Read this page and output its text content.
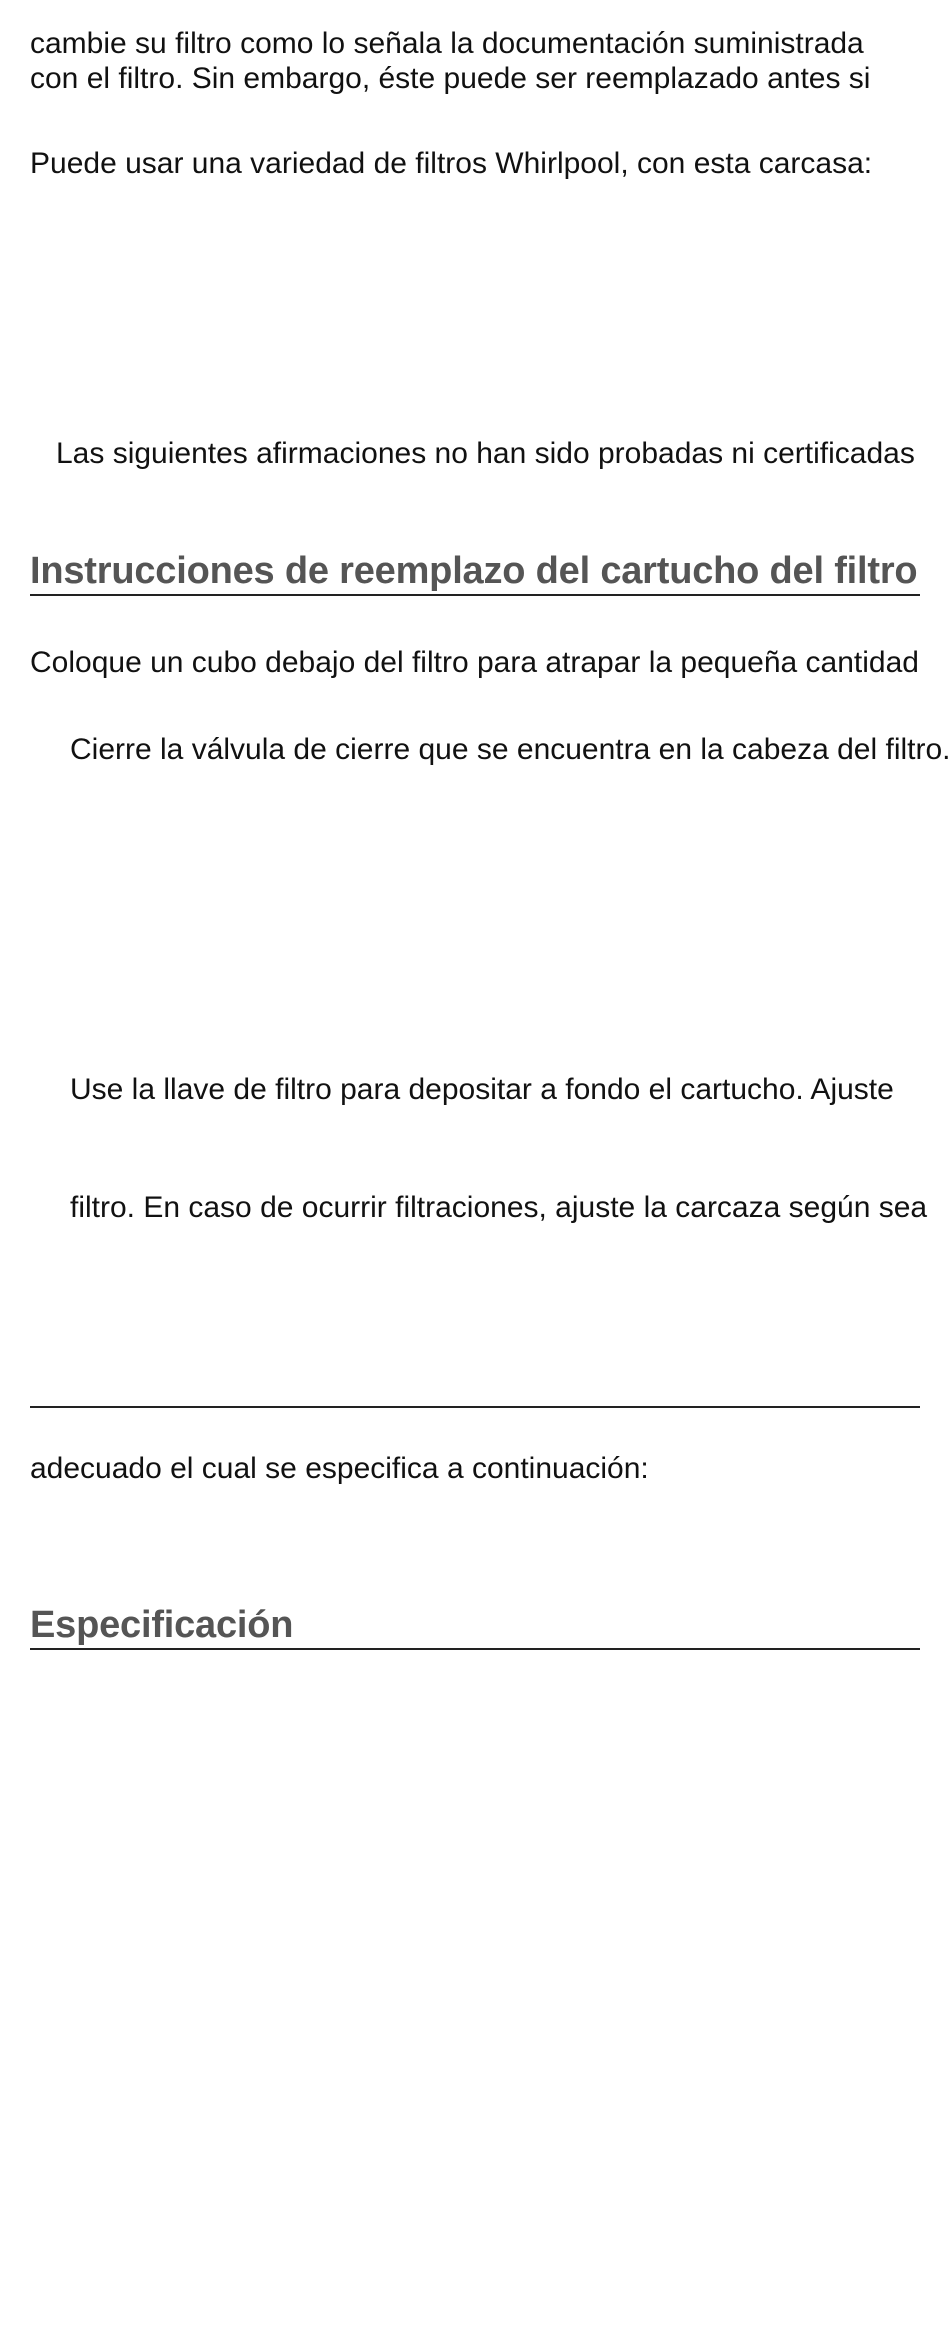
cambie su filtro como lo señala la documentación suministrada

con el filtro. Sin embargo, éste puede ser reemplazado antes si

Puede usar una variedad de filtros Whirlpool, con esta carcasa:

Las siguientes afirmaciones no han sido probadas ni certificadas

Instrucciones de reemplazo del cartucho del filtro

Coloque un cubo debajo del filtro para atrapar la pequeña cantidad

Cierre la válvula de cierre que se encuentra en la cabeza del filtro.

Use la llave de filtro para depositar a fondo el cartucho. Ajuste

filtro. En caso de ocurrir filtraciones, ajuste la carcaza según sea

adecuado el cual se especifica a continuación:

Especificación
